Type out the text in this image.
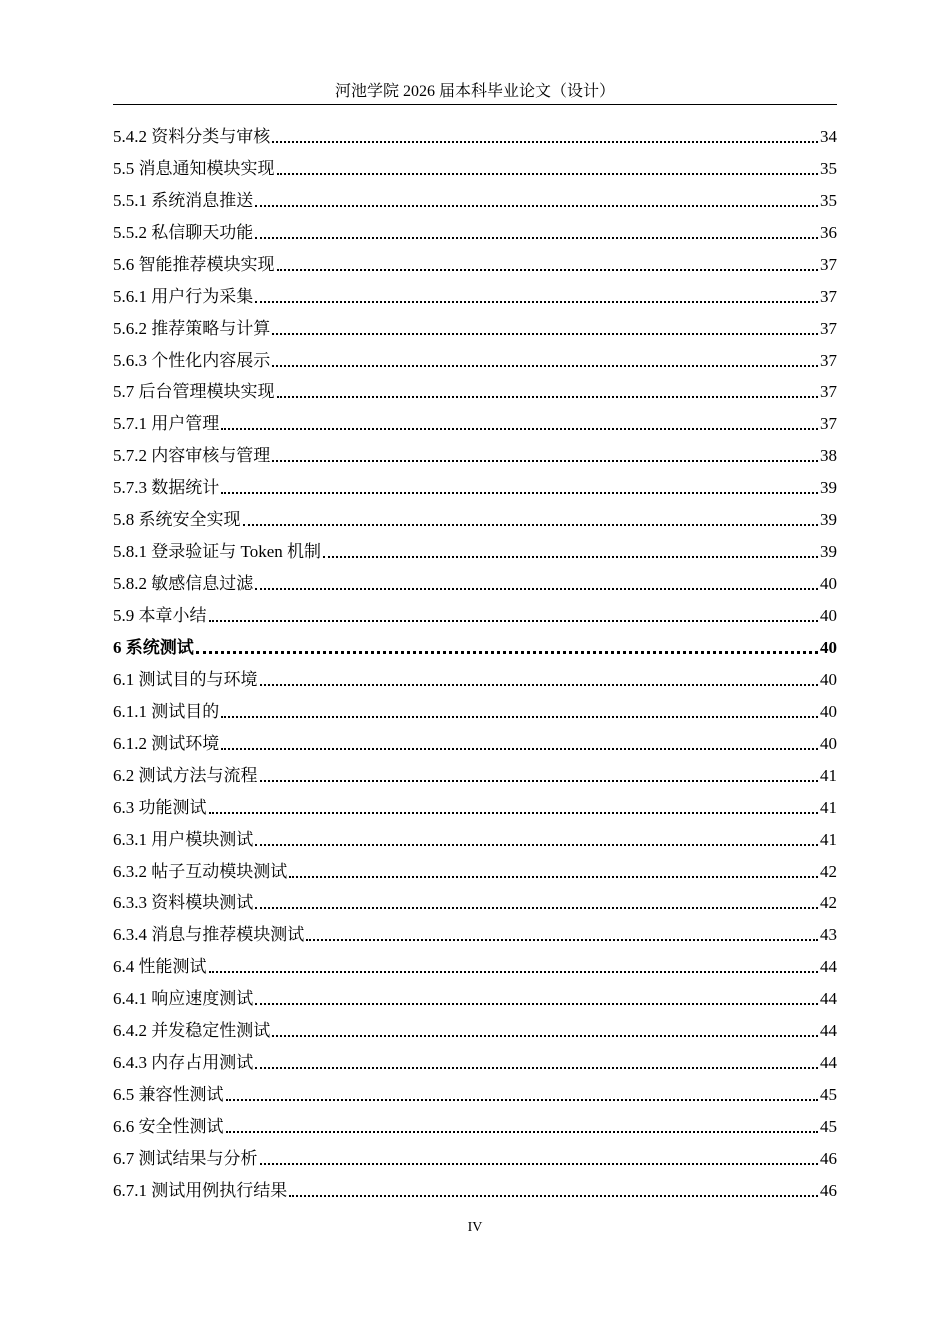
河池学院 2026 届本科毕业论文（设计）
5.4.2 资料分类与审核	34
5.5 消息通知模块实现	35
5.5.1 系统消息推送	35
5.5.2 私信聊天功能	36
5.6 智能推荐模块实现	37
5.6.1 用户行为采集	37
5.6.2 推荐策略与计算	37
5.6.3 个性化内容展示	37
5.7 后台管理模块实现	37
5.7.1 用户管理	37
5.7.2 内容审核与管理	38
5.7.3 数据统计	39
5.8 系统安全实现	39
5.8.1 登录验证与 Token 机制	39
5.8.2 敏感信息过滤	40
5.9 本章小结	40
6 系统测试	40
6.1 测试目的与环境	40
6.1.1 测试目的	40
6.1.2 测试环境	40
6.2 测试方法与流程	41
6.3 功能测试	41
6.3.1 用户模块测试	41
6.3.2 帖子互动模块测试	42
6.3.3 资料模块测试	42
6.3.4 消息与推荐模块测试	43
6.4 性能测试	44
6.4.1 响应速度测试	44
6.4.2 并发稳定性测试	44
6.4.3 内存占用测试	44
6.5 兼容性测试	45
6.6 安全性测试	45
6.7 测试结果与分析	46
6.7.1 测试用例执行结果	46
IV
